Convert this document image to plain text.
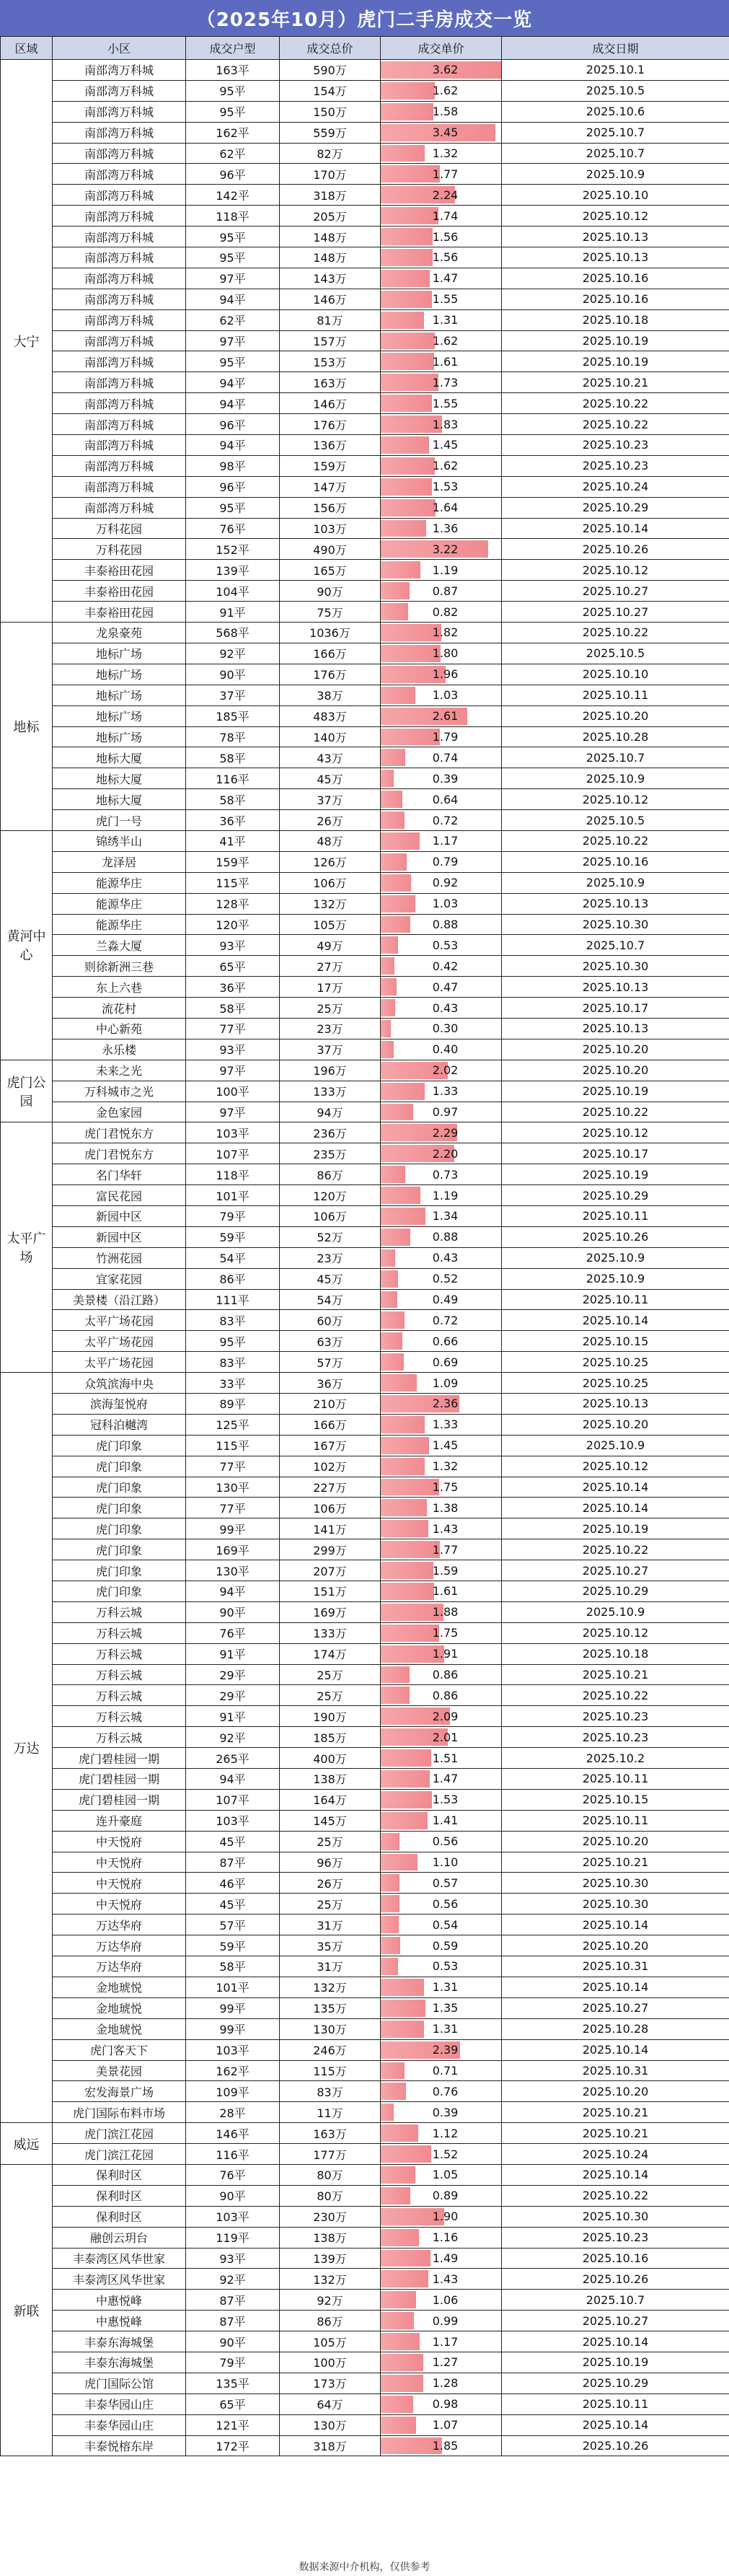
（2025年10月）虎门二手房成交一览
区域	小区	成交户型	成交总价	成交单价	成交日期
大宁	南部湾万科城	163平	590万	3.62	2025.10.1
	南部湾万科城	95平	154万	1.62	2025.10.5
	南部湾万科城	95平	150万	1.58	2025.10.6
	南部湾万科城	162平	559万	3.45	2025.10.7
	南部湾万科城	62平	82万	1.32	2025.10.7
	南部湾万科城	96平	170万	1.77	2025.10.9
	南部湾万科城	142平	318万	2.24	2025.10.10
	南部湾万科城	118平	205万	1.74	2025.10.12
	南部湾万科城	95平	148万	1.56	2025.10.13
	南部湾万科城	95平	148万	1.56	2025.10.13
	南部湾万科城	97平	143万	1.47	2025.10.16
	南部湾万科城	94平	146万	1.55	2025.10.16
	南部湾万科城	62平	81万	1.31	2025.10.18
	南部湾万科城	97平	157万	1.62	2025.10.19
	南部湾万科城	95平	153万	1.61	2025.10.19
	南部湾万科城	94平	163万	1.73	2025.10.21
	南部湾万科城	94平	146万	1.55	2025.10.22
	南部湾万科城	96平	176万	1.83	2025.10.22
	南部湾万科城	94平	136万	1.45	2025.10.23
	南部湾万科城	98平	159万	1.62	2025.10.23
	南部湾万科城	96平	147万	1.53	2025.10.24
	南部湾万科城	95平	156万	1.64	2025.10.29
	万科花园	76平	103万	1.36	2025.10.14
	万科花园	152平	490万	3.22	2025.10.26
	丰泰裕田花园	139平	165万	1.19	2025.10.12
	丰泰裕田花园	104平	90万	0.87	2025.10.27
	丰泰裕田花园	91平	75万	0.82	2025.10.27
地标	龙泉豪苑	568平	1036万	1.82	2025.10.22
	地标广场	92平	166万	1.80	2025.10.5
	地标广场	90平	176万	1.96	2025.10.10
	地标广场	37平	38万	1.03	2025.10.11
	地标广场	185平	483万	2.61	2025.10.20
	地标广场	78平	140万	1.79	2025.10.28
	地标大厦	58平	43万	0.74	2025.10.7
	地标大厦	116平	45万	0.39	2025.10.9
	地标大厦	58平	37万	0.64	2025.10.12
	虎门一号	36平	26万	0.72	2025.10.5
黄河中心	锦绣半山	41平	48万	1.17	2025.10.22
	龙泽居	159平	126万	0.79	2025.10.16
	能源华庄	115平	106万	0.92	2025.10.9
	能源华庄	128平	132万	1.03	2025.10.13
	能源华庄	120平	105万	0.88	2025.10.30
	兰淼大厦	93平	49万	0.53	2025.10.7
	则徐新洲三巷	65平	27万	0.42	2025.10.30
	东上六巷	36平	17万	0.47	2025.10.13
	流花村	58平	25万	0.43	2025.10.17
	中心新苑	77平	23万	0.30	2025.10.13
	永乐楼	93平	37万	0.40	2025.10.20
虎门公园	未来之光	97平	196万	2.02	2025.10.20
	万科城市之光	100平	133万	1.33	2025.10.19
	金色家园	97平	94万	0.97	2025.10.22
太平广场	虎门君悦东方	103平	236万	2.29	2025.10.12
	虎门君悦东方	107平	235万	2.20	2025.10.17
	名门华轩	118平	86万	0.73	2025.10.19
	富民花园	101平	120万	1.19	2025.10.29
	新园中区	79平	106万	1.34	2025.10.11
	新园中区	59平	52万	0.88	2025.10.26
	竹洲花园	54平	23万	0.43	2025.10.9
	宜家花园	86平	45万	0.52	2025.10.9
	美景楼（沿江路）	111平	54万	0.49	2025.10.11
	太平广场花园	83平	60万	0.72	2025.10.14
	太平广场花园	95平	63万	0.66	2025.10.15
	太平广场花园	83平	57万	0.69	2025.10.25
万达	众筑滨海中央	33平	36万	1.09	2025.10.25
	滨海玺悦府	89平	210万	2.36	2025.10.13
	冠科泊樾湾	125平	166万	1.33	2025.10.20
	虎门印象	115平	167万	1.45	2025.10.9
	虎门印象	77平	102万	1.32	2025.10.12
	虎门印象	130平	227万	1.75	2025.10.14
	虎门印象	77平	106万	1.38	2025.10.14
	虎门印象	99平	141万	1.43	2025.10.19
	虎门印象	169平	299万	1.77	2025.10.22
	虎门印象	130平	207万	1.59	2025.10.27
	虎门印象	94平	151万	1.61	2025.10.29
	万科云城	90平	169万	1.88	2025.10.9
	万科云城	76平	133万	1.75	2025.10.12
	万科云城	91平	174万	1.91	2025.10.18
	万科云城	29平	25万	0.86	2025.10.21
	万科云城	29平	25万	0.86	2025.10.22
	万科云城	91平	190万	2.09	2025.10.23
	万科云城	92平	185万	2.01	2025.10.23
	虎门碧桂园一期	265平	400万	1.51	2025.10.2
	虎门碧桂园一期	94平	138万	1.47	2025.10.11
	虎门碧桂园一期	107平	164万	1.53	2025.10.15
	连升豪庭	103平	145万	1.41	2025.10.11
	中天悦府	45平	25万	0.56	2025.10.20
	中天悦府	87平	96万	1.10	2025.10.21
	中天悦府	46平	26万	0.57	2025.10.30
	中天悦府	45平	25万	0.56	2025.10.30
	万达华府	57平	31万	0.54	2025.10.14
	万达华府	59平	35万	0.59	2025.10.20
	万达华府	58平	31万	0.53	2025.10.31
	金地琥悦	101平	132万	1.31	2025.10.14
	金地琥悦	99平	135万	1.35	2025.10.27
	金地琥悦	99平	130万	1.31	2025.10.28
	虎门客天下	103平	246万	2.39	2025.10.14
	美景花园	162平	115万	0.71	2025.10.31
	宏发海景广场	109平	83万	0.76	2025.10.20
	虎门国际布料市场	28平	11万	0.39	2025.10.21
威远	虎门滨江花园	146平	163万	1.12	2025.10.21
	虎门滨江花园	116平	177万	1.52	2025.10.24
新联	保利时区	76平	80万	1.05	2025.10.14
	保利时区	90平	80万	0.89	2025.10.22
	保利时区	103平	230万	1.90	2025.10.30
	融创云玥台	119平	138万	1.16	2025.10.23
	丰泰湾区风华世家	93平	139万	1.49	2025.10.16
	丰泰湾区风华世家	92平	132万	1.43	2025.10.26
	中惠悦峰	87平	92万	1.06	2025.10.7
	中惠悦峰	87平	86万	0.99	2025.10.27
	丰泰东海城堡	90平	105万	1.17	2025.10.14
	丰泰东海城堡	79平	100万	1.27	2025.10.19
	虎门国际公馆	135平	173万	1.28	2025.10.29
	丰泰华园山庄	65平	64万	0.98	2025.10.11
	丰泰华园山庄	121平	130万	1.07	2025.10.14
	丰泰悦榕东岸	172平	318万	1.85	2025.10.26
数据来源中介机构，仅供参考
